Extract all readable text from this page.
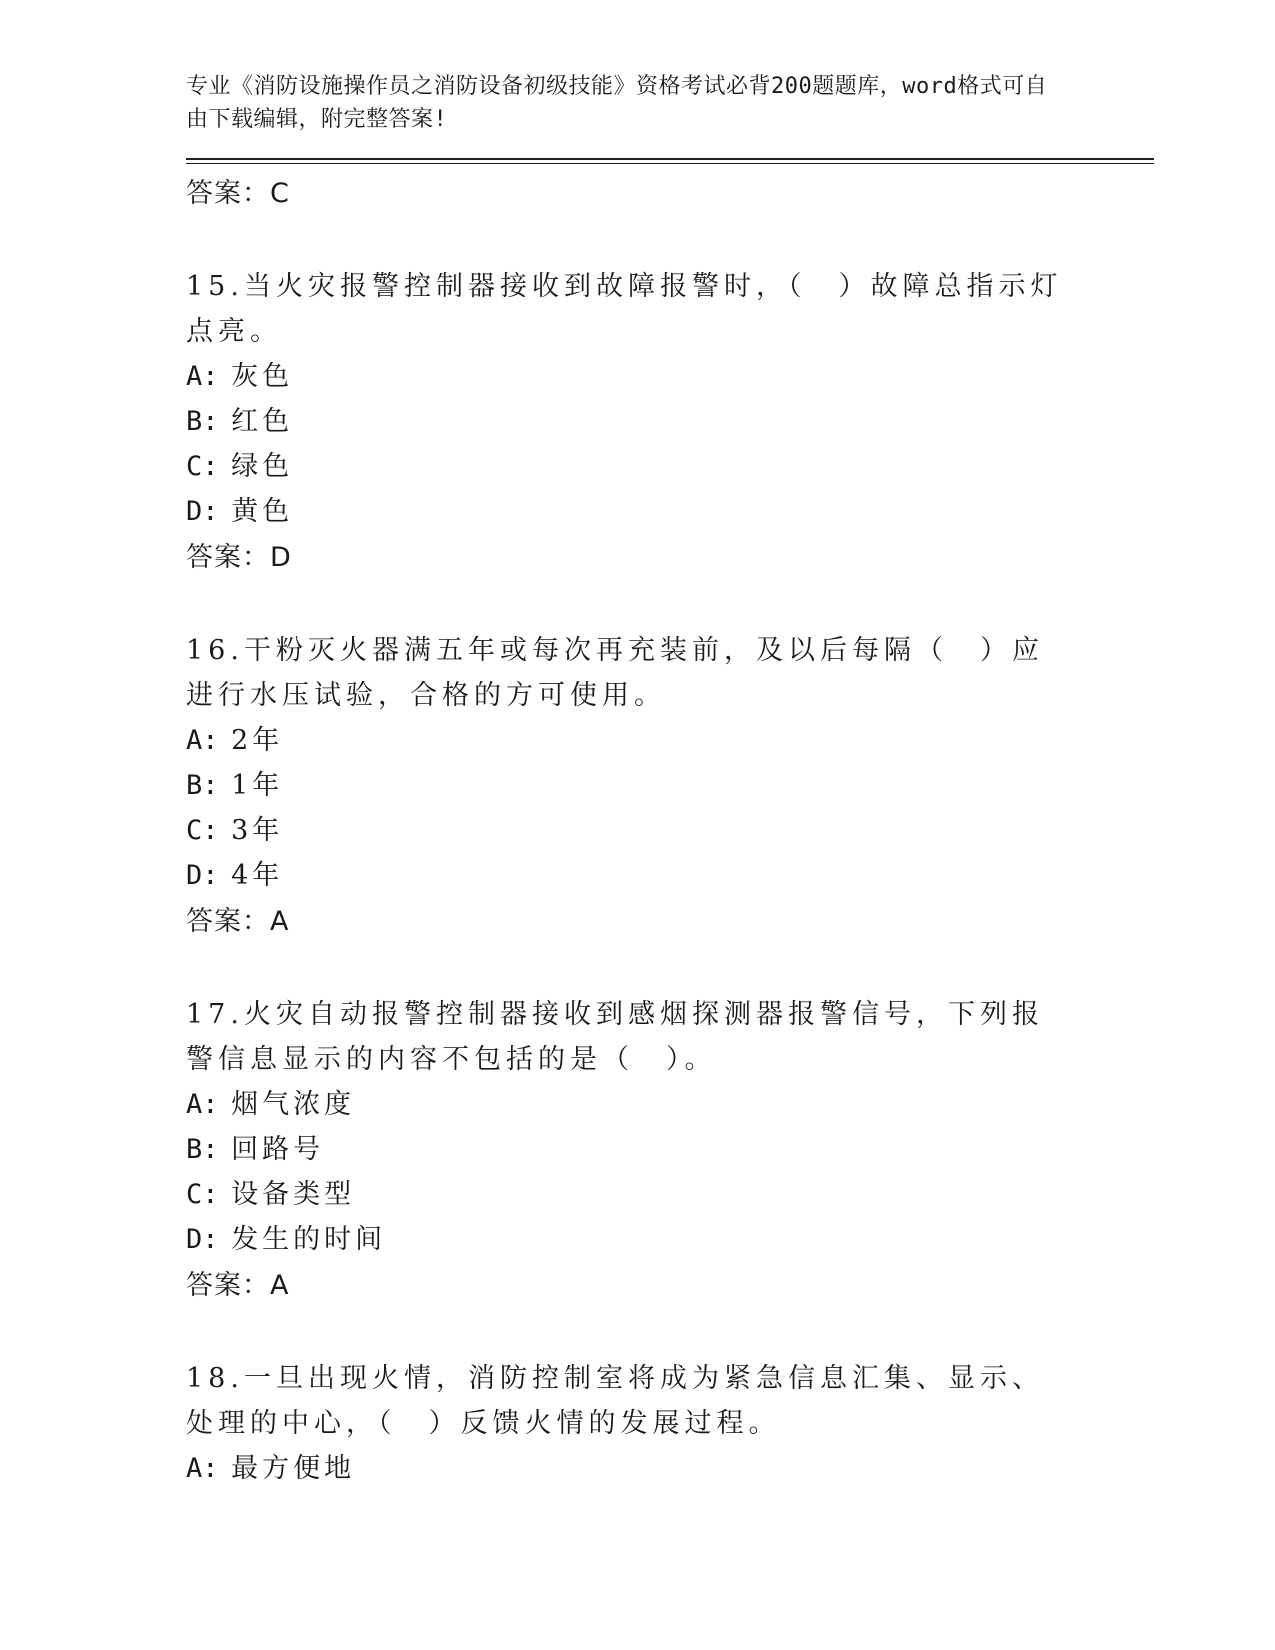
专业《消防设施操作员之消防设备初级技能》资格考试必背200题题库，word格式可自由下载编辑，附完整答案!
答案：C
15.当火灾报警控制器接收到故障报警时，（　）故障总指示灯点亮。
A: 灰色
B: 红色
C: 绿色
D: 黄色
答案：D
16.干粉灭火器满五年或每次再充装前，及以后每隔（　）应进行水压试验，合格的方可使用。
A: 2年
B: 1年
C: 3年
D: 4年
答案：A
17.火灾自动报警控制器接收到感烟探测器报警信号，下列报警信息显示的内容不包括的是（　）。
A: 烟气浓度
B: 回路号
C: 设备类型
D: 发生的时间
答案：A
18.一旦出现火情，消防控制室将成为紧急信息汇集、显示、处理的中心，（　）反馈火情的发展过程。
A: 最方便地
